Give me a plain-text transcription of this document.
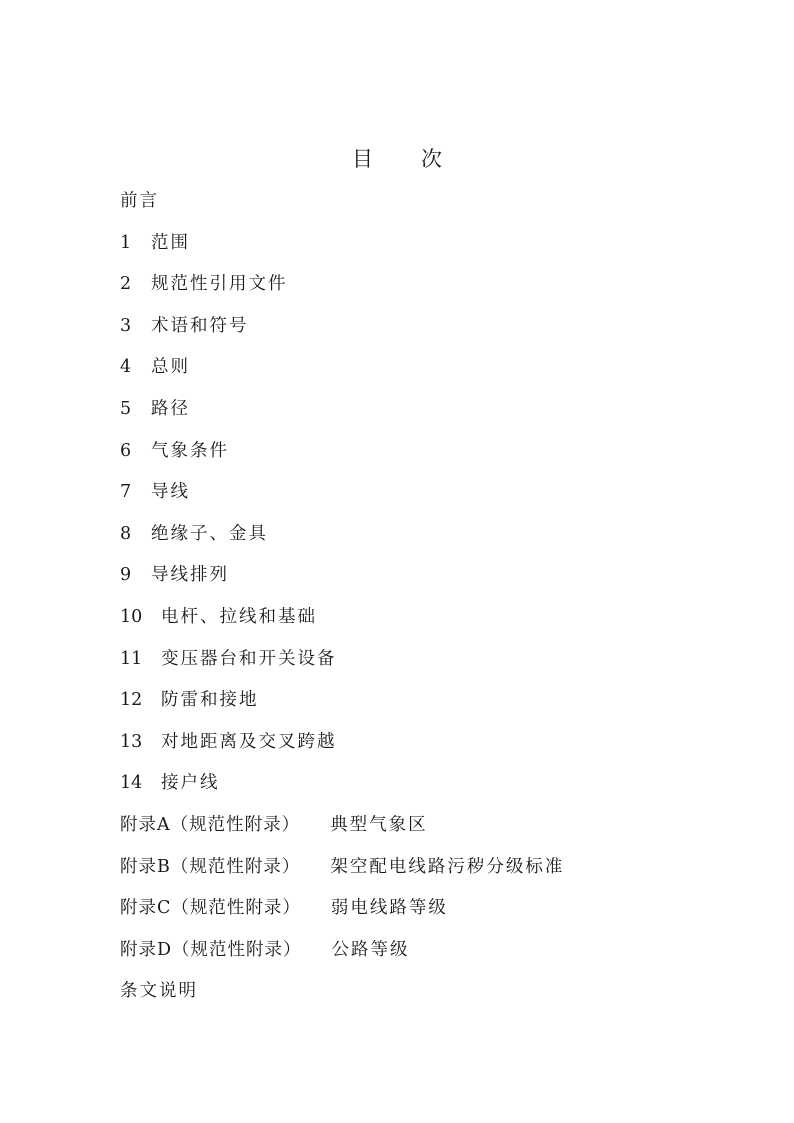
目 次
前言
1 范围
2 规范性引用文件
3 术语和符号
4 总则
5 路径
6 气象条件
7 导线
8 绝缘子、金具
9 导线排列
10 电杆、拉线和基础
11 变压器台和开关设备
12 防雷和接地
13 对地距离及交叉跨越
14 接户线
附录A（规范性附录） 典型气象区
附录B（规范性附录） 架空配电线路污秽分级标准
附录C（规范性附录） 弱电线路等级
附录D（规范性附录） 公路等级
条文说明
